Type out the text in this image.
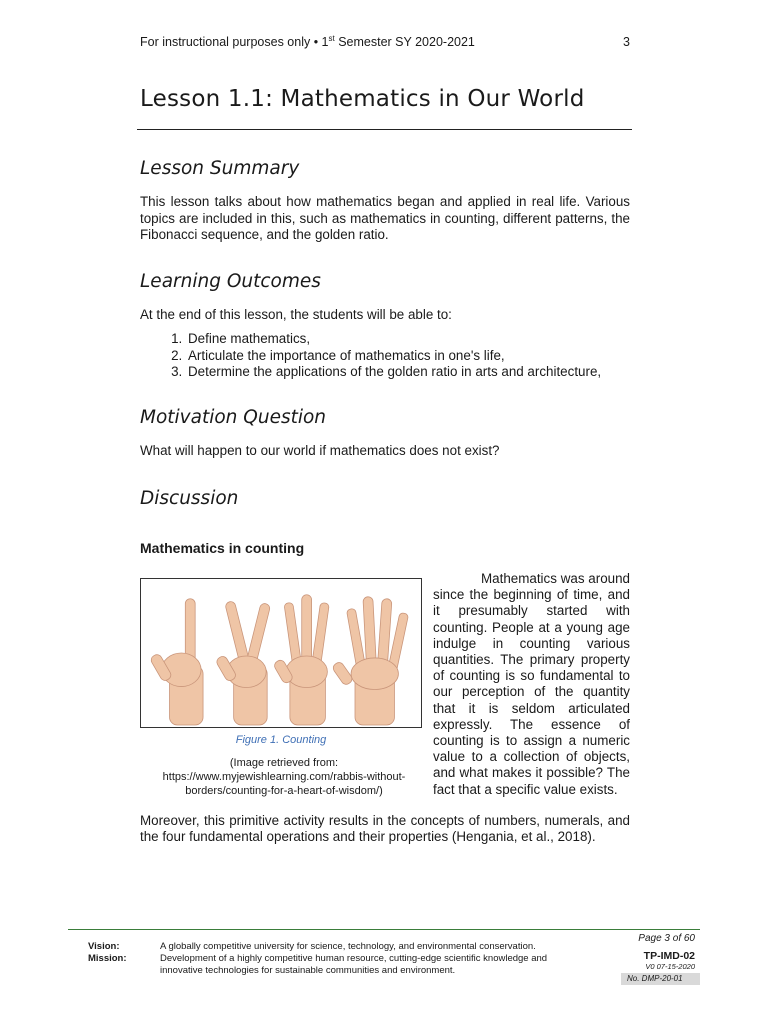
For instructional purposes only • 1st Semester SY 2020-2021	3
Lesson 1.1: Mathematics in Our World
Lesson Summary
This lesson talks about how mathematics began and applied in real life. Various topics are included in this, such as mathematics in counting, different patterns, the Fibonacci sequence, and the golden ratio.
Learning Outcomes
At the end of this lesson, the students will be able to:
1. Define mathematics,
2. Articulate the importance of mathematics in one's life,
3. Determine the applications of the golden ratio in arts and architecture,
Motivation Question
What will happen to our world if mathematics does not exist?
Discussion
Mathematics in counting
Figure 1. Counting
(Image retrieved from:
https://www.myjewishlearning.com/rabbis-without-
borders/counting-for-a-heart-of-wisdom/)
Mathematics was around since the beginning of time, and it presumably started with counting. People at a young age indulge in counting various quantities. The primary property of counting is so fundamental to our perception of the quantity that it is seldom articulated expressly. The essence of counting is to assign a numeric value to a collection of objects, and what makes it possible? The fact that a specific value exists.
Moreover, this primitive activity results in the concepts of numbers, numerals, and the four fundamental operations and their properties (Hengania, et al., 2018).
Vision:	A globally competitive university for science, technology, and environmental conservation.
Mission:	Development of a highly competitive human resource, cutting-edge scientific knowledge and innovative technologies for sustainable communities and environment.
Page 3 of 60
TP-IMD-02
V0 07-15-2020
No. DMP-20-01
